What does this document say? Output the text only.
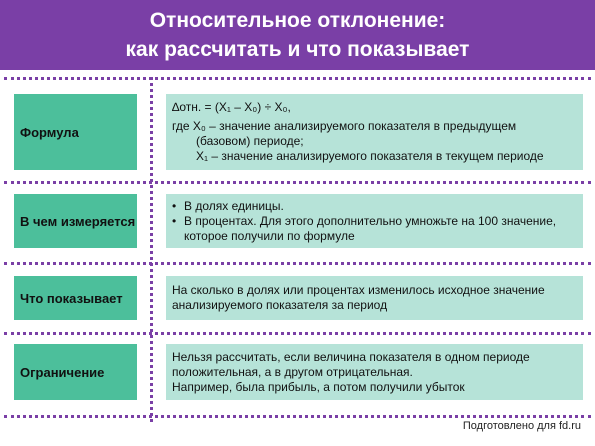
Относительное отклонение:
как рассчитать и что показывает
Формула

∆отн. = (X₁ – X₀) ÷ X₀,

где X₀ – значение анализируемого показателя в предыдущем

(базовом) периоде;

X₁ – значение анализируемого показателя в текущем периоде

В чем измеряется
• В долях единицы.
• В процентах. Для этого дополнительно умножьте на 100 значение, которое получили по формуле
Что показывает

На сколько в долях или процентах изменилось исходное значение анализируемого показателя за период

Ограничение

Нельзя рассчитать, если величина показателя в одном периоде положительная, а в другом отрицательная.

Например, была прибыль, а потом получили убыток

Подготовлено для fd.ru
